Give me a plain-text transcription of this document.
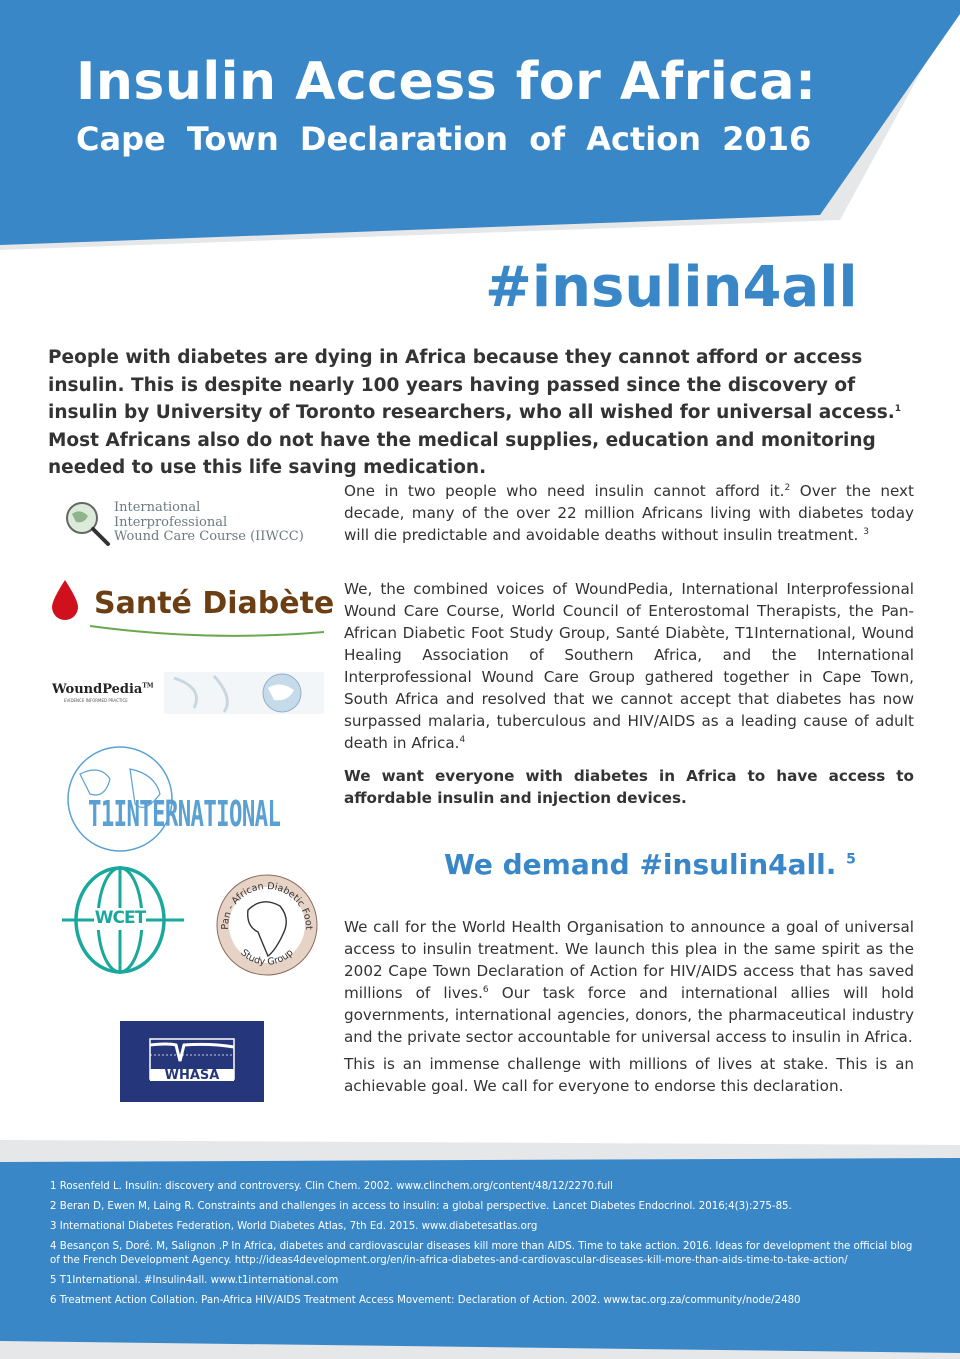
Insulin Access for Africa:
Cape Town Declaration of Action 2016
#insulin4all
People with diabetes are dying in Africa because they cannot afford or access insulin. This is despite nearly 100 years having passed since the discovery of insulin by University of Toronto researchers, who all wished for universal access.$^1$ Most Africans also do not have the medical supplies, education and monitoring needed to use this life saving medication.
One in two people who need insulin cannot afford it.$^2$ Over the next decade, many of the over 22 million Africans living with diabetes today will die predictable and avoidable deaths without insulin treatment. $^3$
We, the combined voices of WoundPedia, International Interprofessional Wound Care Course, World Council of Enterostomal Therapists, the Pan-African Diabetic Foot Study Group, Santé Diabète, T1International, Wound Healing Association of Southern Africa, and the International Interprofessional Wound Care Group gathered together in Cape Town, South Africa and resolved that we cannot accept that diabetes has now surpassed malaria, tuberculous and HIV/AIDS as a leading cause of adult death in Africa.$^4$
We want everyone with diabetes in Africa to have access to affordable insulin and injection devices.
We demand #insulin4all. $^5$
We call for the World Health Organisation to announce a goal of universal access to insulin treatment. We launch this plea in the same spirit as the 2002 Cape Town Declaration of Action for HIV/AIDS access that has saved millions of lives.$^6$ Our task force and international allies will hold governments, international agencies, donors, the pharmaceutical industry and the private sector accountable for universal access to insulin in Africa.
This is an immense challenge with millions of lives at stake. This is an achievable goal. We call for everyone to endorse this declaration.
International
Interprofessional
Wound Care Course (IIWCC)
Santé Diabète
WoundPedia™
EVIDENCE INFORMED PRACTICE
T1INTERNATIONAL
WCET	Pan - African Diabetic Foot
Study Group
WHASA
1 Rosenfeld L. Insulin: discovery and controversy. Clin Chem. 2002. www.clinchem.org/content/48/12/2270.full
2 Beran D, Ewen M, Laing R. Constraints and challenges in access to insulin: a global perspective. Lancet Diabetes Endocrinol. 2016;4(3):275-85.
3 International Diabetes Federation, World Diabetes Atlas, 7th Ed. 2015. www.diabetesatlas.org
4 Besançon S, Doré. M, Salignon .P In Africa, diabetes and cardiovascular diseases kill more than AIDS. Time to take action. 2016. Ideas for development the official blog of the French Development Agency. http://ideas4development.org/en/in-africa-diabetes-and-cardiovascular-diseases-kill-more-than-aids-time-to-take-action/
5 T1International. #Insulin4all. www.t1international.com
6 Treatment Action Collation. Pan-Africa HIV/AIDS Treatment Access Movement: Declaration of Action. 2002. www.tac.org.za/community/node/2480
